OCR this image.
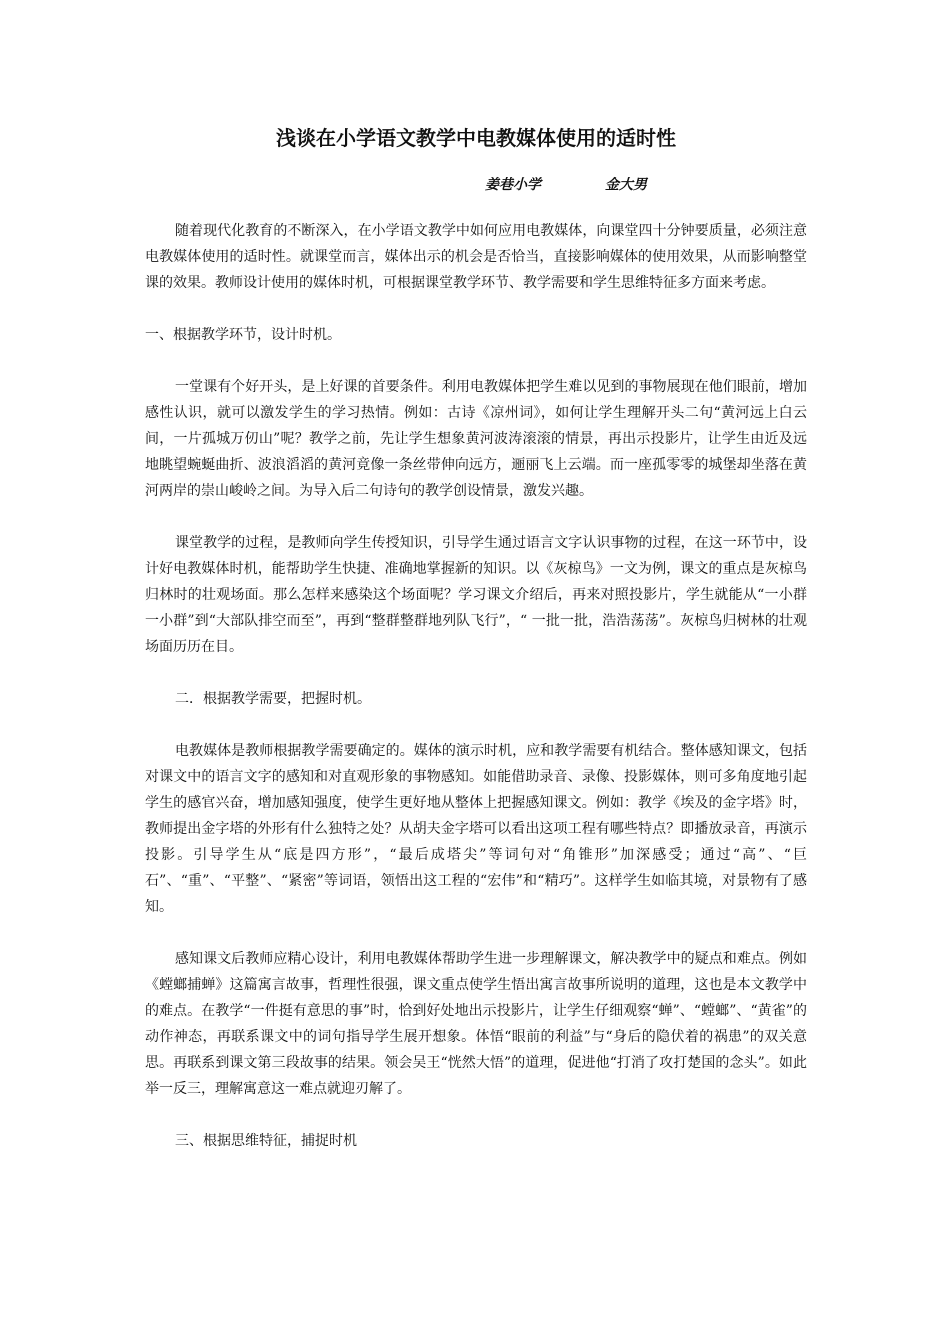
浅谈在小学语文教学中电教媒体使用的适时性
姜巷小学	金大男

随着现代化教育的不断深入，在小学语文教学中如何应用电教媒体，向课堂四十分钟要质量，必须注意电教媒体使用的适时性。就课堂而言，媒体出示的机会是否恰当，直接影响媒体的使用效果，从而影响整堂课的效果。教师设计使用的媒体时机，可根据课堂教学环节、教学需要和学生思维特征多方面来考虑。

一、根据教学环节，设计时机。

一堂课有个好开头，是上好课的首要条件。利用电教媒体把学生难以见到的事物展现在他们眼前，增加感性认识，就可以激发学生的学习热情。例如：古诗《凉州词》，如何让学生理解开头二句“黄河远上白云间，一片孤城万仞山”呢？教学之前，先让学生想象黄河波涛滚滚的情景，再出示投影片，让学生由近及远地眺望蜿蜒曲折、波浪滔滔的黄河竟像一条丝带伸向远方，逦丽飞上云端。而一座孤零零的城堡却坐落在黄河两岸的崇山峻岭之间。为导入后二句诗句的教学创设情景，激发兴趣。

课堂教学的过程，是教师向学生传授知识，引导学生通过语言文字认识事物的过程，在这一环节中，设计好电教媒体时机，能帮助学生快捷、准确地掌握新的知识。以《灰椋鸟》一文为例，课文的重点是灰椋鸟归林时的壮观场面。那么怎样来感染这个场面呢？学习课文介绍后，再来对照投影片，学生就能从“一小群一小群”到“大部队排空而至”，再到“整群整群地列队飞行”，“ 一批一批，浩浩荡荡”。灰椋鸟归树林的壮观场面历历在目。

二．根据教学需要，把握时机。

电教媒体是教师根据教学需要确定的。媒体的演示时机，应和教学需要有机结合。整体感知课文，包括对课文中的语言文字的感知和对直观形象的事物感知。如能借助录音、录像、投影媒体，则可多角度地引起学生的感官兴奋，增加感知强度，使学生更好地从整体上把握感知课文。例如：教学《埃及的金字塔》时，教师提出金字塔的外形有什么独特之处？从胡夫金字塔可以看出这项工程有哪些特点？即播放录音，再演示投影。引导学生从“底是四方形”，“最后成塔尖”等词句对“角锥形”加深感受；通过“高”、“巨石”、“重”、“平整”、“紧密”等词语，领悟出这工程的“宏伟”和“精巧”。这样学生如临其境，对景物有了感知。

感知课文后教师应精心设计，利用电教媒体帮助学生进一步理解课文，解决教学中的疑点和难点。例如《螳螂捕蝉》这篇寓言故事，哲理性很强，课文重点使学生悟出寓言故事所说明的道理，这也是本文教学中的难点。在教学“一件挺有意思的事”时，恰到好处地出示投影片，让学生仔细观察“蝉”、“螳螂”、“黄雀”的动作神态，再联系课文中的词句指导学生展开想象。体悟“眼前的利益”与“身后的隐伏着的祸患”的双关意思。再联系到课文第三段故事的结果。领会吴王“恍然大悟”的道理，促进他“打消了攻打楚国的念头”。如此举一反三，理解寓意这一难点就迎刃解了。

三、根据思维特征，捕捉时机
